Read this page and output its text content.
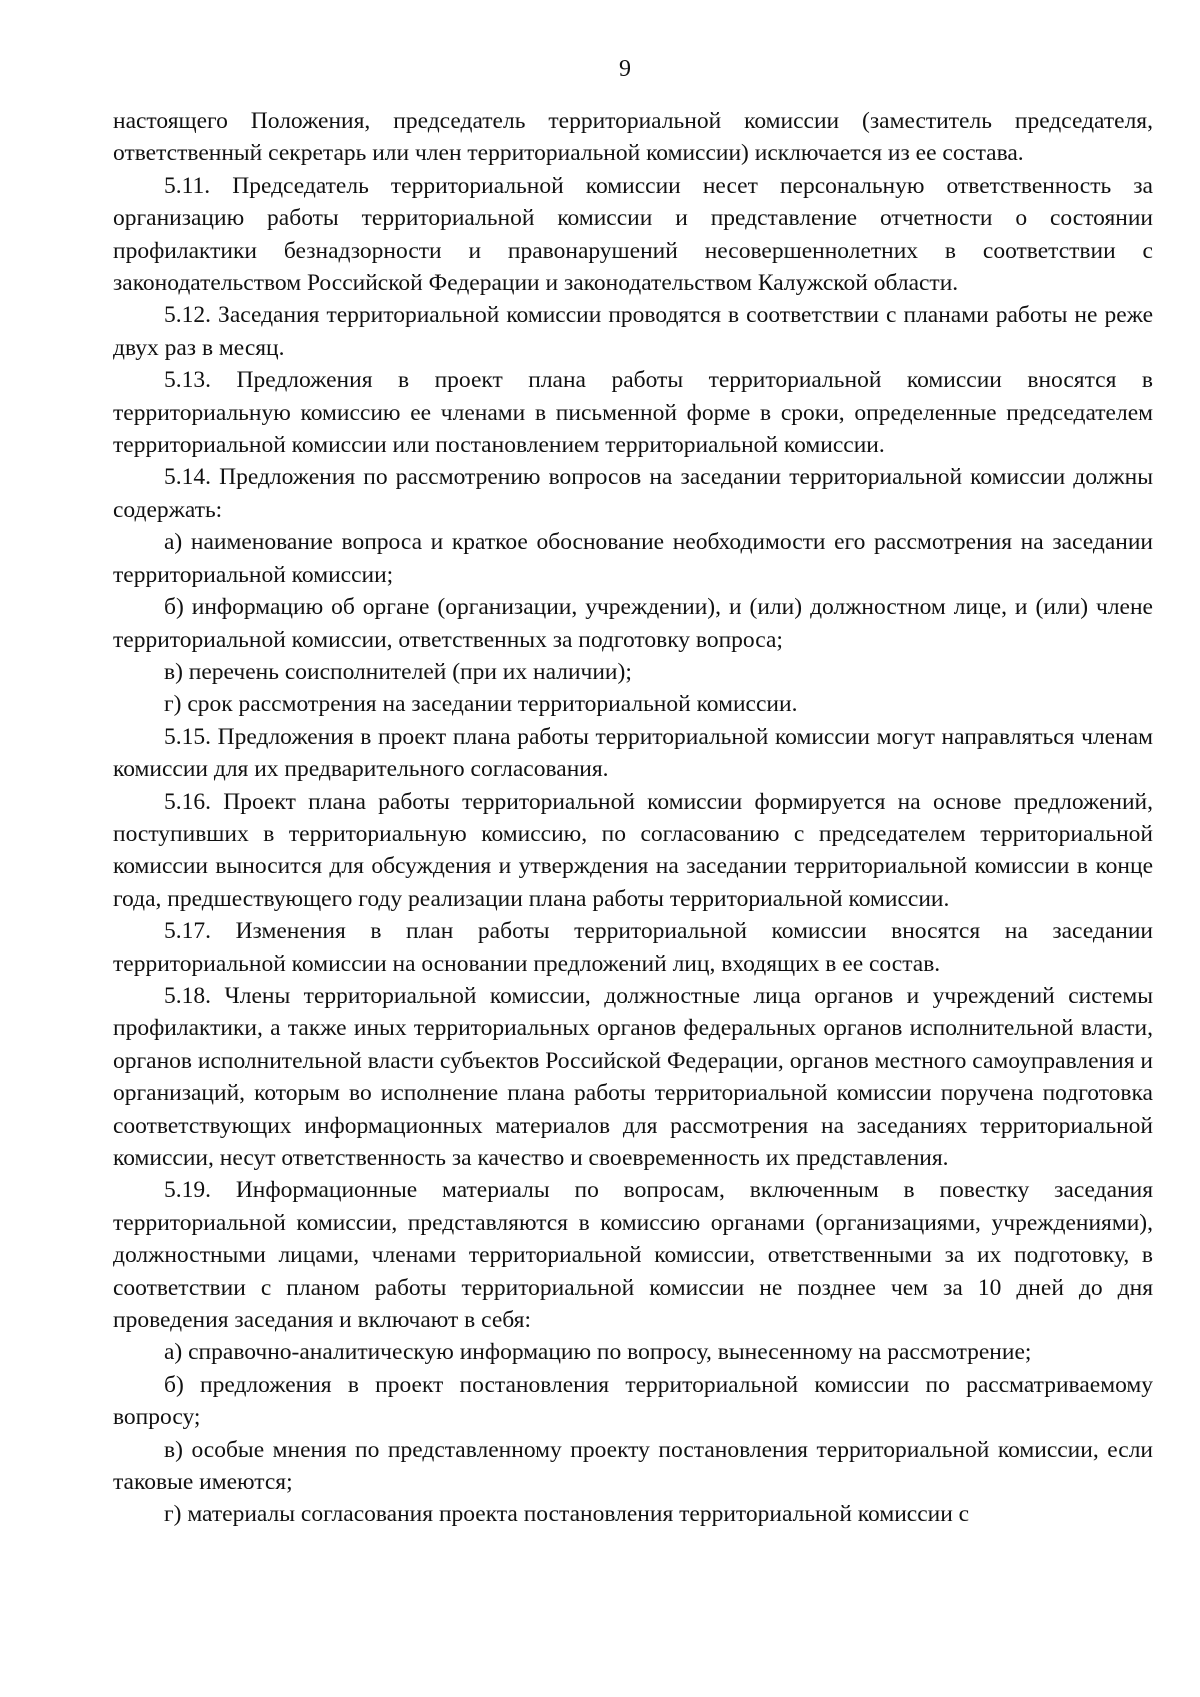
9

настоящего Положения, председатель территориальной комиссии (заместитель председателя, ответственный секретарь или член территориальной комиссии) исключается из ее состава.

5.11. Председатель территориальной комиссии несет персональную ответственность за организацию работы территориальной комиссии и представление отчетности о состоянии профилактики безнадзорности и правонарушений несовершеннолетних в соответствии с законодательством Российской Федерации и законодательством Калужской области.

5.12. Заседания территориальной комиссии проводятся в соответствии с планами работы не реже двух раз в месяц.

5.13. Предложения в проект плана работы территориальной комиссии вносятся в территориальную комиссию ее членами в письменной форме в сроки, определенные председателем территориальной комиссии или постановлением территориальной комиссии.

5.14. Предложения по рассмотрению вопросов на заседании территориальной комиссии должны содержать:

а) наименование вопроса и краткое обоснование необходимости его рассмотрения на заседании территориальной комиссии;

б) информацию об органе (организации, учреждении), и (или) должностном лице, и (или) члене территориальной комиссии, ответственных за подготовку вопроса;

в) перечень соисполнителей (при их наличии);

г) срок рассмотрения на заседании территориальной комиссии.

5.15. Предложения в проект плана работы территориальной комиссии могут направляться членам комиссии для их предварительного согласования.

5.16. Проект плана работы территориальной комиссии формируется на основе предложений, поступивших в территориальную комиссию, по согласованию с председателем территориальной комиссии выносится для обсуждения и утверждения на заседании территориальной комиссии в конце года, предшествующего году реализации плана работы территориальной комиссии.

5.17. Изменения в план работы территориальной комиссии вносятся на заседании территориальной комиссии на основании предложений лиц, входящих в ее состав.

5.18. Члены территориальной комиссии, должностные лица органов и учреждений системы профилактики, а также иных территориальных органов федеральных органов исполнительной власти, органов исполнительной власти субъектов Российской Федерации, органов местного самоуправления и организаций, которым во исполнение плана работы территориальной комиссии поручена подготовка соответствующих информационных материалов для рассмотрения на заседаниях территориальной комиссии, несут ответственность за качество и своевременность их представления.

5.19. Информационные материалы по вопросам, включенным в повестку заседания территориальной комиссии, представляются в комиссию органами (организациями, учреждениями), должностными лицами, членами территориальной комиссии, ответственными за их подготовку, в соответствии с планом работы территориальной комиссии не позднее чем за 10 дней до дня проведения заседания и включают в себя:

а) справочно-аналитическую информацию по вопросу, вынесенному на рассмотрение;

б) предложения в проект постановления территориальной комиссии по рассматриваемому вопросу;

в) особые мнения по представленному проекту постановления территориальной комиссии, если таковые имеются;

г) материалы согласования проекта постановления территориальной комиссии с
